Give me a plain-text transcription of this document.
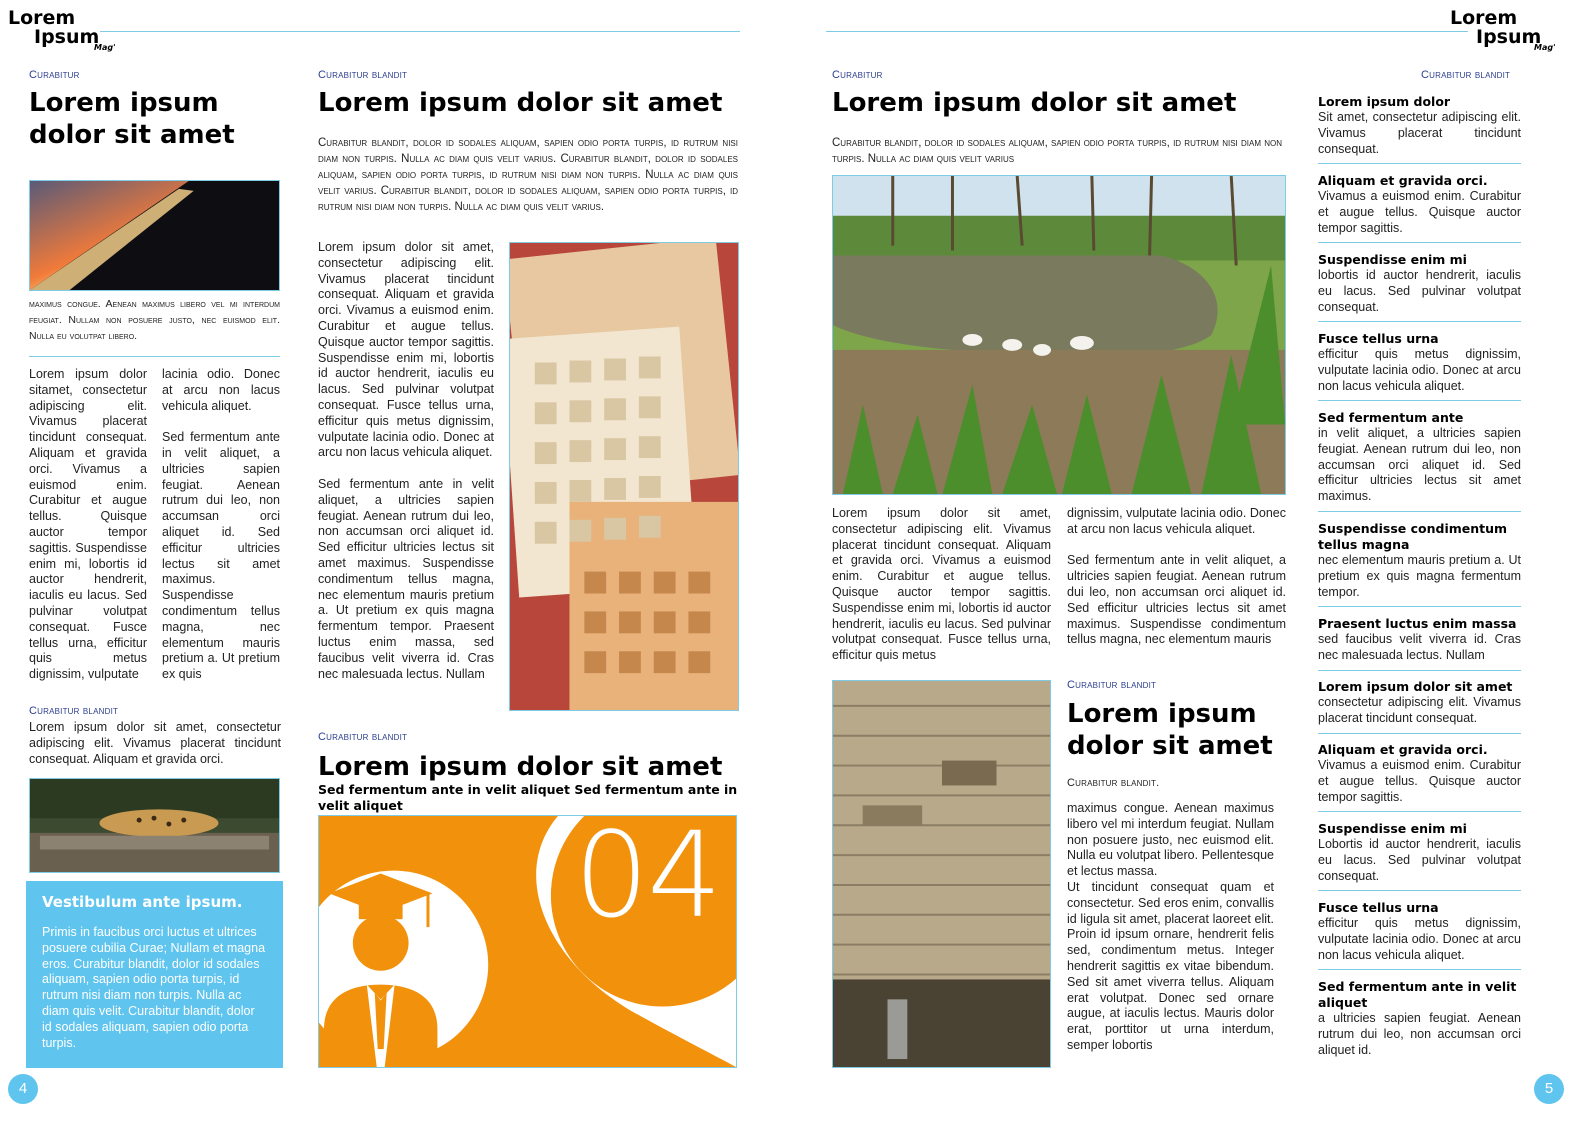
Lorem
Ipsum
Mag'
Curabitur
Lorem ipsum dolor sit amet
maximus congue. Aenean maximus libero vel mi interdum feugiat. Nullam non posuere justo, nec euismod elit. Nulla eu volutpat libero.
Lorem ipsum dolor sitamet, consectetur adipiscing elit. Vivamus placerat tincidunt consequat. Aliquam et gravida orci. Vivamus a euismod enim. Curabitur et augue tellus. Quisque auctor tempor sagittis. Suspendisse enim mi, lobortis id auctor hendrerit, iaculis eu lacus. Sed pulvinar volutpat consequat. Fusce tellus urna, efficitur quis metus dignissim, vulputate
lacinia odio. Donec at arcu non lacus vehicula aliquet.

Sed fermentum ante in velit aliquet, a ultricies sapien feugiat. Aenean rutrum dui leo, non accumsan orci aliquet id. Sed efficitur ultricies lectus sit amet maximus. Suspendisse condimentum tellus magna, nec elementum mauris pretium a. Ut pretium ex quis
Curabitur blandit
Lorem ipsum dolor sit amet, consectetur adipiscing elit. Vivamus placerat tincidunt consequat. Aliquam et gravida orci.
Vestibulum ante ipsum.

Primis in faucibus orci luctus et ultrices posuere cubilia Curae; Nullam et magna eros. Curabitur blandit, dolor id sodales aliquam, sapien odio porta turpis, id rutrum nisi diam non turpis. Nulla ac diam quis velit. Curabitur blandit, dolor id sodales aliquam, sapien odio porta turpis.

4
Curabitur blandit
Lorem ipsum dolor sit amet
Curabitur blandit, dolor id sodales aliquam, sapien odio porta turpis, id rutrum nisi diam non turpis. Nulla ac diam quis velit varius. Curabitur blandit, dolor id sodales aliquam, sapien odio porta turpis, id rutrum nisi diam non turpis. Nulla ac diam quis velit varius. Curabitur blandit, dolor id sodales aliquam, sapien odio porta turpis, id rutrum nisi diam non turpis. Nulla ac diam quis velit varius.
Lorem ipsum dolor sit amet, consectetur adipiscing elit. Vivamus placerat tincidunt consequat. Aliquam et gravida orci. Vivamus a euismod enim. Curabitur et augue tellus. Quisque auctor tempor sagittis. Suspendisse enim mi, lobortis id auctor hendrerit, iaculis eu lacus. Sed pulvinar volutpat consequat. Fusce tellus urna, efficitur quis metus dignissim, vulputate lacinia odio. Donec at arcu non lacus vehicula aliquet.

Sed fermentum ante in velit aliquet, a ultricies sapien feugiat. Aenean rutrum dui leo, non accumsan orci aliquet id. Sed efficitur ultricies lectus sit amet maximus. Suspendisse condimentum tellus magna, nec elementum mauris pretium a. Ut pretium ex quis magna fermentum tempor. Praesent luctus enim massa, sed faucibus velit viverra id. Cras nec malesuada lectus. Nullam
Curabitur blandit
Lorem ipsum dolor sit amet
Sed fermentum ante in velit aliquet Sed fermentum ante in velit aliquet
04
Lorem
Ipsum
Mag'
Curabitur
Lorem ipsum dolor sit amet
Curabitur blandit, dolor id sodales aliquam, sapien odio porta turpis, id rutrum nisi diam non turpis. Nulla ac diam quis velit varius
Lorem ipsum dolor sit amet, consectetur adipiscing elit. Vivamus placerat tincidunt consequat. Aliquam et gravida orci. Vivamus a euismod enim. Curabitur et augue tellus. Quisque auctor tempor sagittis. Suspendisse enim mi, lobortis id auctor hendrerit, iaculis eu lacus. Sed pulvinar volutpat consequat. Fusce tellus urna, efficitur quis metus
dignissim, vulputate lacinia odio. Donec at arcu non lacus vehicula aliquet.

Sed fermentum ante in velit aliquet, a ultricies sapien feugiat. Aenean rutrum dui leo, non accumsan orci aliquet id. Sed efficitur ultricies lectus sit amet maximus. Suspendisse condimentum tellus magna, nec elementum mauris
Curabitur blandit
Lorem ipsum dolor sit amet
Curabitur blandit.
maximus congue. Aenean maximus libero vel mi interdum feugiat. Nullam non posuere justo, nec euismod elit. Nulla eu volutpat libero. Pellentesque et lectus massa.
Ut tincidunt consequat quam et consectetur. Sed eros enim, convallis id ligula sit amet, placerat laoreet elit. Proin id ipsum ornare, hendrerit felis sed, condimentum metus. Integer hendrerit sagittis ex vitae bibendum. Sed sit amet viverra tellus. Aliquam erat volutpat. Donec sed ornare augue, at iaculis lectus. Mauris dolor erat, porttitor ut urna interdum, semper lobortis
Curabitur blandit
Lorem ipsum dolor
Sit amet, consectetur adipiscing elit. Vivamus placerat tincidunt consequat.
Aliquam et gravida orci.
Vivamus a euismod enim. Curabitur et augue tellus. Quisque auctor tempor sagittis.
Suspendisse enim mi
lobortis id auctor hendrerit, iaculis eu lacus. Sed pulvinar volutpat consequat.
Fusce tellus urna
efficitur quis metus dignissim, vulputate lacinia odio. Donec at arcu non lacus vehicula aliquet.
Sed fermentum ante
in velit aliquet, a ultricies sapien feugiat. Aenean rutrum dui leo, non accumsan orci aliquet id. Sed efficitur ultricies lectus sit amet maximus.
Suspendisse condimentum tellus magna
nec elementum mauris pretium a. Ut pretium ex quis magna fermentum tempor.
Praesent luctus enim massa
sed faucibus velit viverra id. Cras nec malesuada lectus. Nullam
Lorem ipsum dolor sit amet
consectetur adipiscing elit. Vivamus placerat tincidunt consequat.
Aliquam et gravida orci.
Vivamus a euismod enim. Curabitur et augue tellus. Quisque auctor tempor sagittis.
Suspendisse enim mi
Lobortis id auctor hendrerit, iaculis eu lacus. Sed pulvinar volutpat consequat.
Fusce tellus urna
efficitur quis metus dignissim, vulputate lacinia odio. Donec at arcu non lacus vehicula aliquet.
Sed fermentum ante in velit aliquet
a ultricies sapien feugiat. Aenean rutrum dui leo, non accumsan orci aliquet id.
5
